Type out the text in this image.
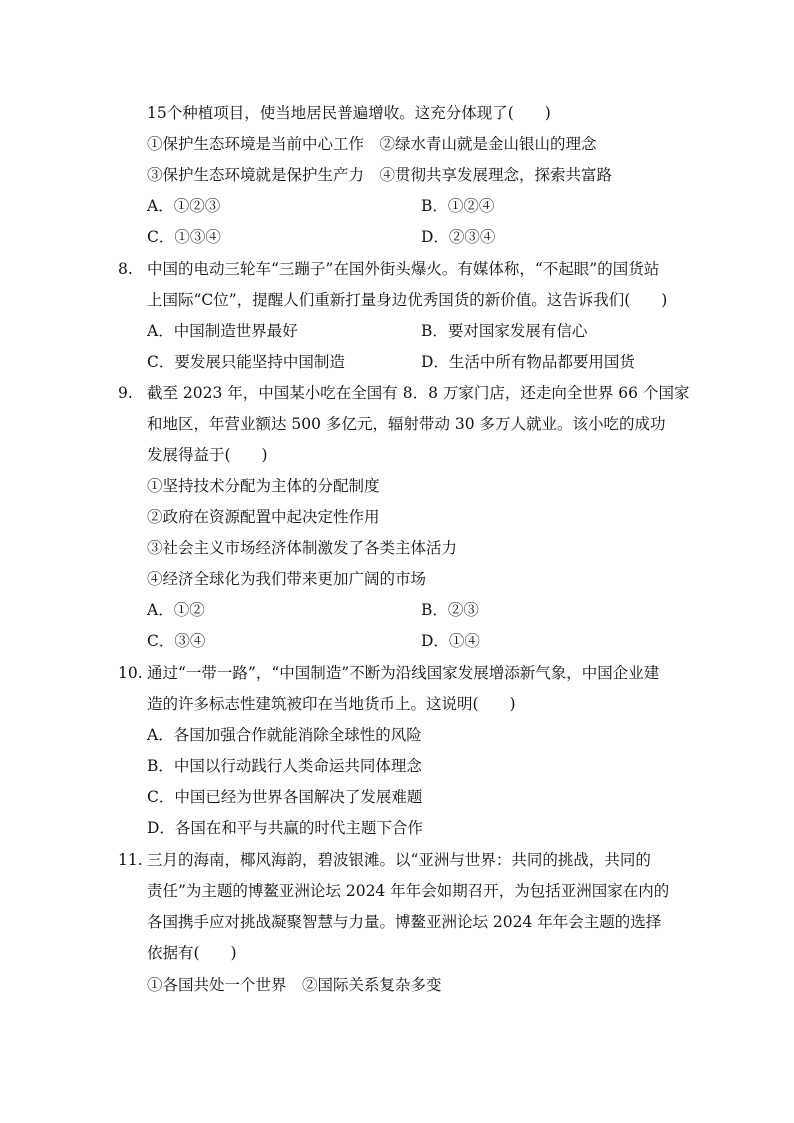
15个种植项目，使当地居民普遍增收。这充分体现了(　　)
①保护生态环境是当前中心工作　②绿水青山就是金山银山的理念
③保护生态环境就是保护生产力　④贯彻共享发展理念，探索共富路
A．①②③	B．①②④
C．①③④	D．②③④
8. 中国的电动三轮车“三蹦子”在国外街头爆火。有媒体称，“不起眼”的国货站
上国际“C位”，提醒人们重新打量身边优秀国货的新价值。这告诉我们(　　)
A．中国制造世界最好	B．要对国家发展有信心
C．要发展只能坚持中国制造	D．生活中所有物品都要用国货
9. 截至 2023 年，中国某小吃在全国有 8．8 万家门店，还走向全世界 66 个国家
和地区，年营业额达 500 多亿元，辐射带动 30 多万人就业。该小吃的成功
发展得益于(　　)
①坚持技术分配为主体的分配制度
②政府在资源配置中起决定性作用
③社会主义市场经济体制激发了各类主体活力
④经济全球化为我们带来更加广阔的市场
A．①②	B．②③
C．③④	D．①④
10. 通过“一带一路”，“中国制造”不断为沿线国家发展增添新气象，中国企业建
造的许多标志性建筑被印在当地货币上。这说明(　　)
A．各国加强合作就能消除全球性的风险
B．中国以行动践行人类命运共同体理念
C．中国已经为世界各国解决了发展难题
D．各国在和平与共赢的时代主题下合作
11. 三月的海南，椰风海韵，碧波银滩。以“亚洲与世界：共同的挑战，共同的
责任”为主题的博鳌亚洲论坛 2024 年年会如期召开，为包括亚洲国家在内的
各国携手应对挑战凝聚智慧与力量。博鳌亚洲论坛 2024 年年会主题的选择
依据有(　　)
①各国共处一个世界　②国际关系复杂多变
